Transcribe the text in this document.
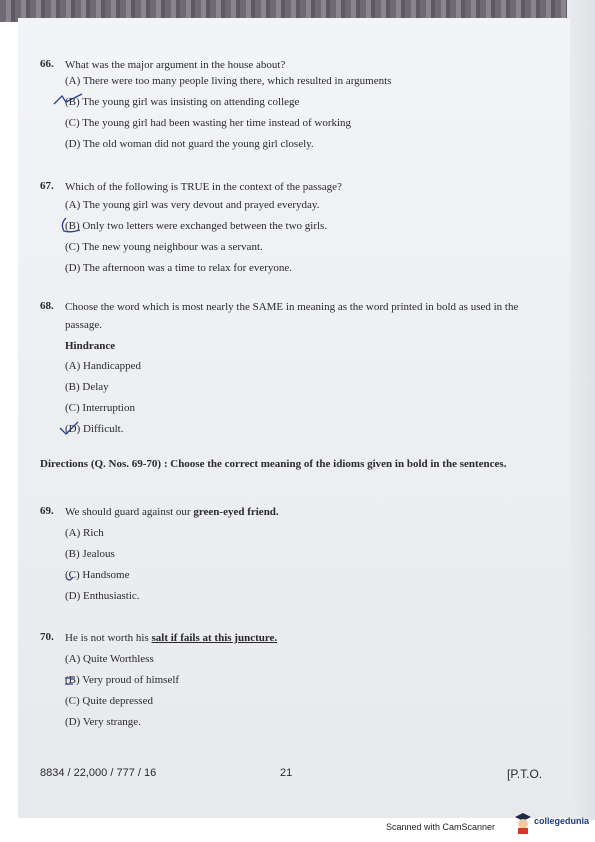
66. What was the major argument in the house about?
(A) There were too many people living there, which resulted in arguments
(B) The young girl was insisting on attending college
(C) The young girl had been wasting her time instead of working
(D) The old woman did not guard the young girl closely.
67. Which of the following is TRUE in the context of the passage?
(A) The young girl was very devout and prayed everyday.
(B) Only two letters were exchanged between the two girls.
(C) The new young neighbour was a servant.
(D) The afternoon was a time to relax for everyone.
68. Choose the word which is most nearly the SAME in meaning as the word printed in bold as used in the passage.
Hindrance
(A) Handicapped
(B) Delay
(C) Interruption
(D) Difficult.
Directions (Q. Nos. 69-70) : Choose the correct meaning of the idioms given in bold in the sentences.
69. We should guard against our green-eyed friend.
(A) Rich
(B) Jealous
(C) Handsome
(D) Enthusiastic.
70. He is not worth his salt if fails at this juncture.
(A) Quite Worthless
(B) Very proud of himself
(C) Quite depressed
(D) Very strange.
8834 / 22,000 / 777 / 16	21	[P.T.O.
Scanned with CamScanner
collegedunia
